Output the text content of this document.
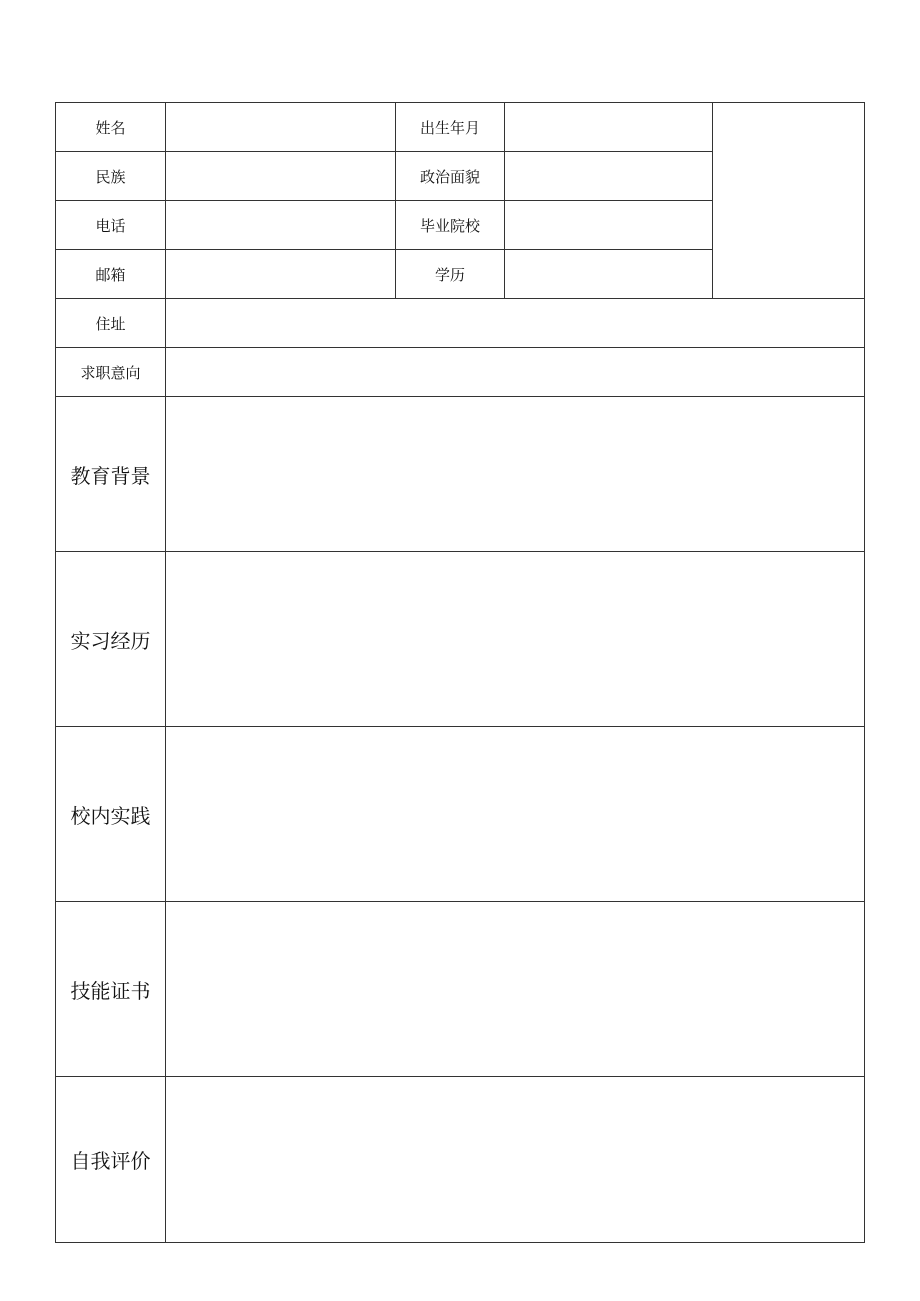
姓名		出生年月		
民族		政治面貌		
电话		毕业院校		
邮箱		学历		
住址				
求职意向				
教育背景				
实习经历				
校内实践				
技能证书				
自我评价				
